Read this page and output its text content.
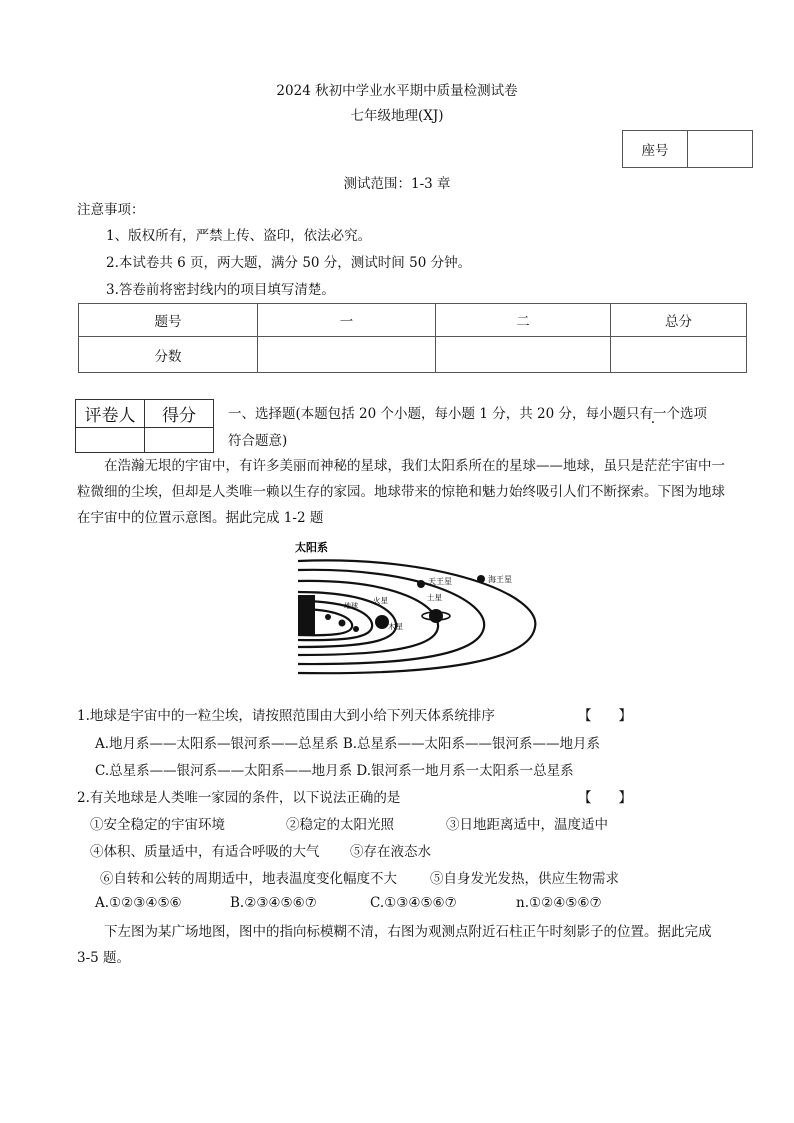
2024 秋初中学业水平期中质量检测试卷
七年级地理(XJ)
座号	
测试范围：1-3 章
注意事项：
1、版权所有，严禁上传、盗印，依法必究。
2.本试卷共 6 页，两大题，满分 50 分，测试时间 50 分钟。
3.答卷前将密封线内的项目填写清楚。
题号	一	二	总分
分数			
评卷人	得分
	一、选择题(本题包括 20 个小题，每小题 1 分，共 20 分，每小题只有一个选项
符合题意)
在浩瀚无垠的宇宙中，有许多美丽而神秘的星球，我们太阳系所在的星球——地球，虽只是茫茫宇宙中一粒微细的尘埃，但却是人类唯一赖以生存的家园。地球带来的惊艳和魅力始终吸引人们不断探索。下图为地球在宇宙中的位置示意图。据此完成 1-2 题
太阳系
天王星	海王星
火星	土星
木星
地球
1.地球是宇宙中的一粒尘埃，请按照范围由大到小给下列天体系统排序	【　　】
A.地月系——太阳系—银河系——总星系 B.总星系——太阳系——银河系——地月系
C.总星系——银河系——太阳系——地月系 D.银河系一地月系一太阳系一总星系
2.有关地球是人类唯一家园的条件，以下说法正确的是	【　　】
①安全稳定的宇宙环境	②稳定的太阳光照	③日地距离适中，温度适中
④体积、质量适中，有适合呼吸的大气 ⑤存在液态水
⑥自转和公转的周期适中，地表温度变化幅度不大 ⑤自身发光发热，供应生物需求
A.①②③④⑤⑥	B.②③④⑤⑥⑦	C.①③④⑤⑥⑦	n.①②④⑤⑥⑦
下左图为某广场地图，图中的指向标模糊不清，右图为观测点附近石柱正午时刻影子的位置。据此完成 3-5 题。
